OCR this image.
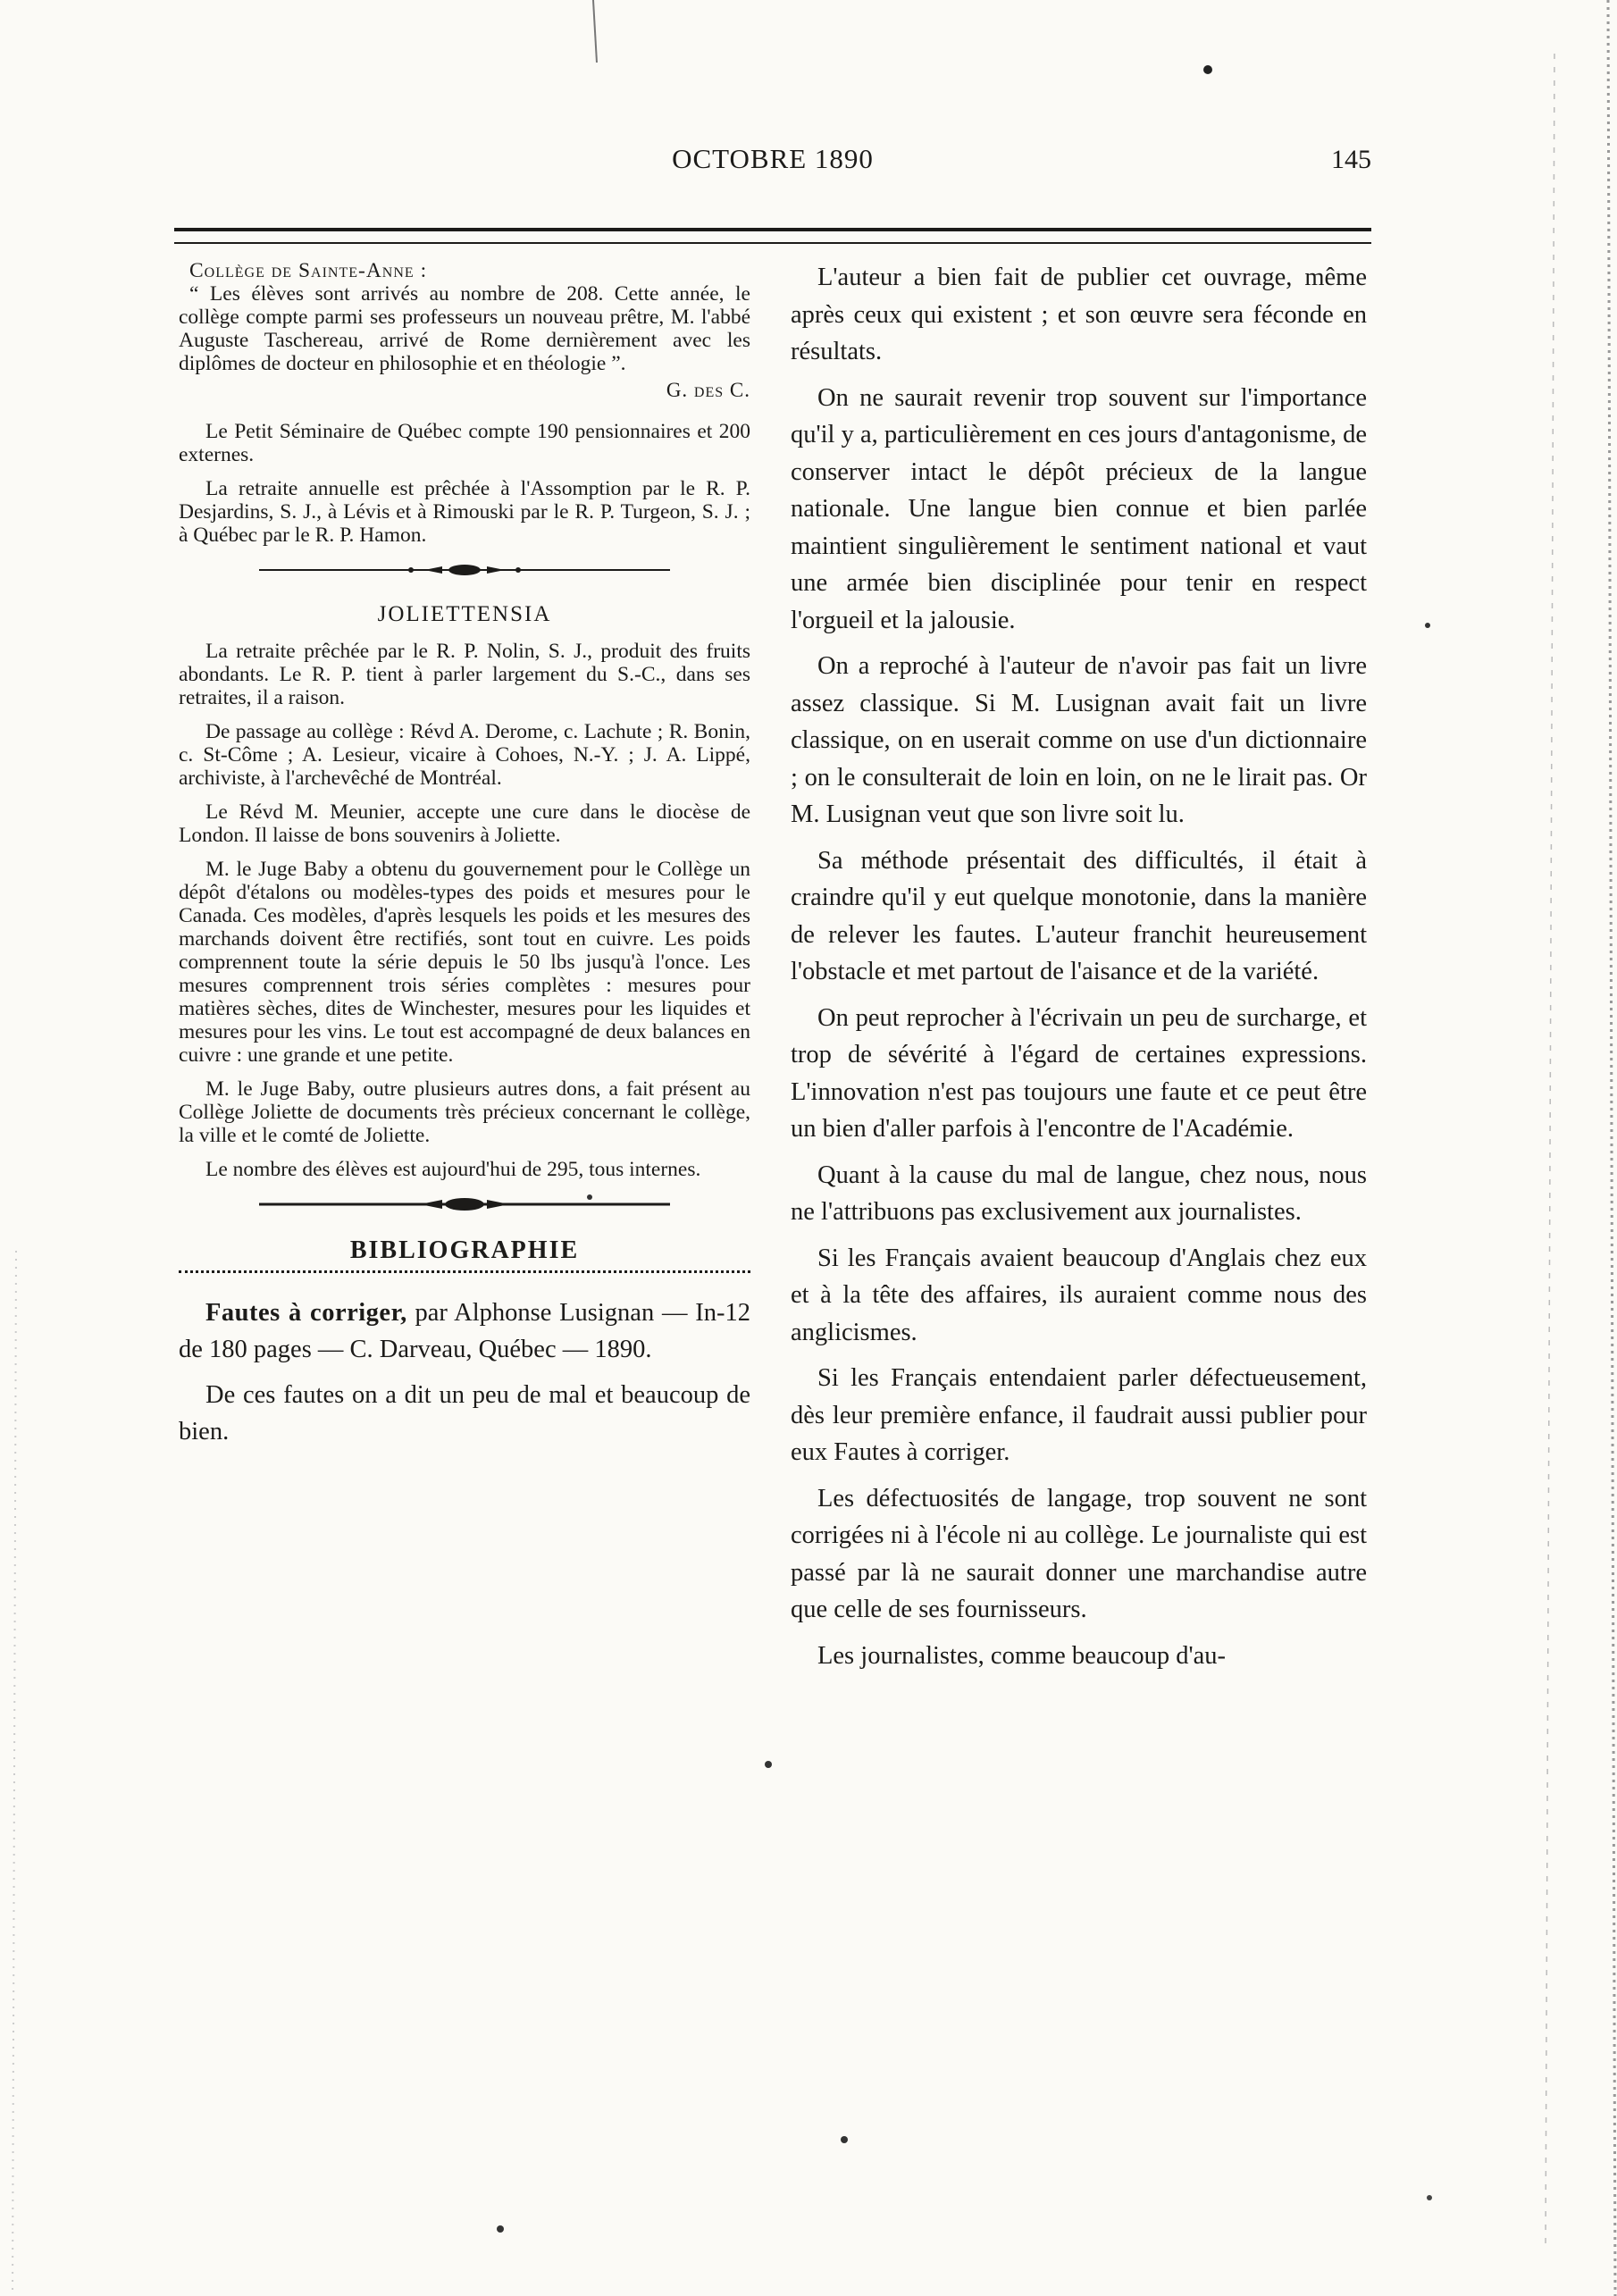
OCTOBRE 1890	145

Collège de Sainte-Anne :

“ Les élèves sont arrivés au nombre de 208. Cette année, le collège compte parmi ses professeurs un nouveau prêtre, M. l'abbé Auguste Taschereau, arrivé de Rome dernièrement avec les diplômes de docteur en philosophie et en théologie ”.

G. des C.

Le Petit Séminaire de Québec compte 190 pensionnaires et 200 externes.

La retraite annuelle est prêchée à l'Assomption par le R. P. Desjardins, S. J., à Lévis et à Rimouski par le R. P. Turgeon, S. J. ; à Québec par le R. P. Hamon.

JOLIETTENSIA

La retraite prêchée par le R. P. Nolin, S. J., produit des fruits abondants. Le R. P. tient à parler largement du S.-C., dans ses retraites, il a raison.

De passage au collège : Révd A. Derome, c. Lachute ; R. Bonin, c. St-Côme ; A. Lesieur, vicaire à Cohoes, N.-Y. ; J. A. Lippé, archiviste, à l'archevêché de Montréal.

Le Révd M. Meunier, accepte une cure dans le diocèse de London. Il laisse de bons souvenirs à Joliette.

M. le Juge Baby a obtenu du gouvernement pour le Collège un dépôt d'étalons ou modèles-types des poids et mesures pour le Canada. Ces modèles, d'après lesquels les poids et les mesures des marchands doivent être rectifiés, sont tout en cuivre. Les poids comprennent toute la série depuis le 50 lbs jusqu'à l'once. Les mesures comprennent trois séries complètes : mesures pour matières sèches, dites de Winchester, mesures pour les liquides et mesures pour les vins. Le tout est accompagné de deux balances en cuivre : une grande et une petite.

M. le Juge Baby, outre plusieurs autres dons, a fait présent au Collège Joliette de documents très précieux concernant le collège, la ville et le comté de Joliette.

Le nombre des élèves est aujourd'hui de 295, tous internes.

BIBLIOGRAPHIE

Fautes à corriger, par Alphonse Lusignan — In-12 de 180 pages — C. Darveau, Québec — 1890.

De ces fautes on a dit un peu de mal et beaucoup de bien.

L'auteur a bien fait de publier cet ouvrage, même après ceux qui existent ; et son œuvre sera féconde en résultats.

On ne saurait revenir trop souvent sur l'importance qu'il y a, particulièrement en ces jours d'antagonisme, de conserver intact le dépôt précieux de la langue nationale. Une langue bien connue et bien parlée maintient singulièrement le sentiment national et vaut une armée bien disciplinée pour tenir en respect l'orgueil et la jalousie.

On a reproché à l'auteur de n'avoir pas fait un livre assez classique. Si M. Lusignan avait fait un livre classique, on en userait comme on use d'un dictionnaire ; on le consulterait de loin en loin, on ne le lirait pas. Or M. Lusignan veut que son livre soit lu.

Sa méthode présentait des difficultés, il était à craindre qu'il y eut quelque monotonie, dans la manière de relever les fautes. L'auteur franchit heureusement l'obstacle et met partout de l'aisance et de la variété.

On peut reprocher à l'écrivain un peu de surcharge, et trop de sévérité à l'égard de certaines expressions. L'innovation n'est pas toujours une faute et ce peut être un bien d'aller parfois à l'encontre de l'Académie.

Quant à la cause du mal de langue, chez nous, nous ne l'attribuons pas exclusivement aux journalistes.

Si les Français avaient beaucoup d'Anglais chez eux et à la tête des affaires, ils auraient comme nous des anglicismes.

Si les Français entendaient parler défectueusement, dès leur première enfance, il faudrait aussi publier pour eux Fautes à corriger.

Les défectuosités de langage, trop souvent ne sont corrigées ni à l'école ni au collège. Le journaliste qui est passé par là ne saurait donner une marchandise autre que celle de ses fournisseurs.

Les journalistes, comme beaucoup d'au-
